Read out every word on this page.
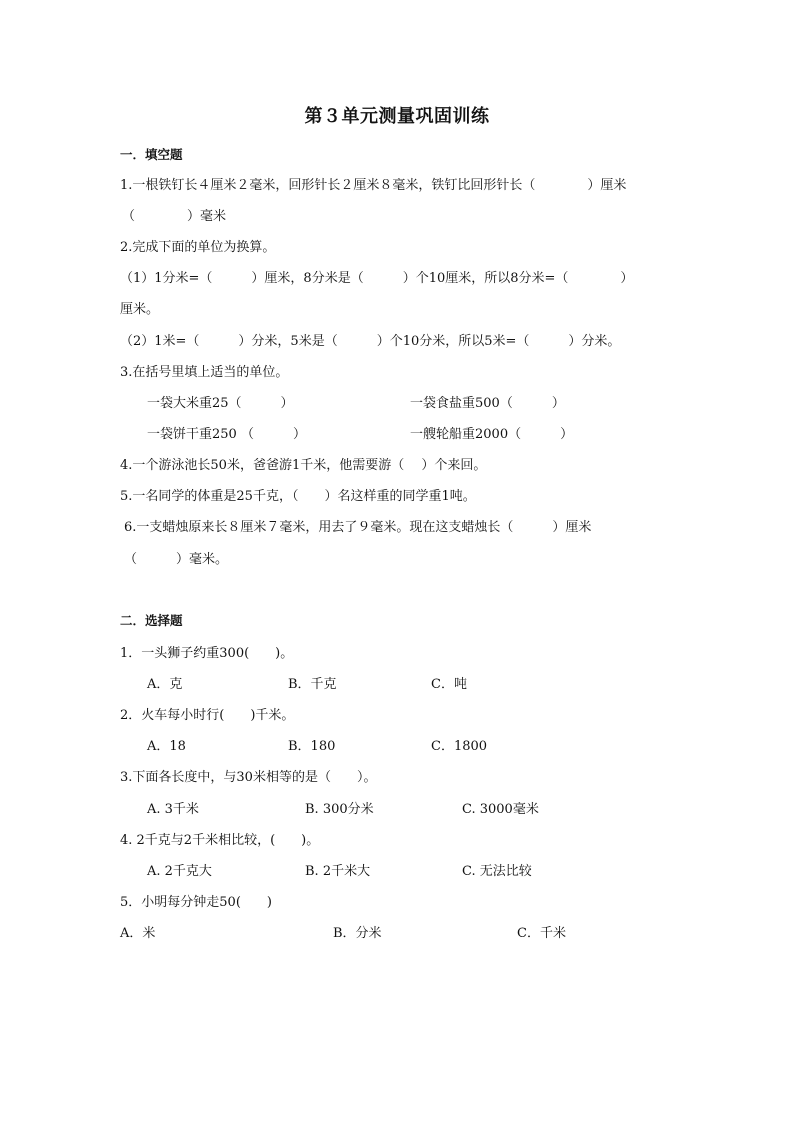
第３单元测量巩固训练
一．填空题
1.一根铁钉长４厘米２毫米，回形针长２厘米８毫米，铁钉比回形针长（　　　　）厘米
（　　　　）毫米
2.完成下面的单位为换算。
（1）1分米=（　　　）厘米，8分米是（　　　）个10厘米，所以8分米=（　　　　）
厘米。
（2）1米=（　　　）分米，5米是（　　　）个10分米，所以5米=（　　　）分米。
3.在括号里填上适当的单位。
一袋大米重25（　　　）	一袋食盐重500（　　　）
一袋饼干重250 （　　　）	一艘轮船重2000（　　　）
4.一个游泳池长50米，爸爸游1千米，他需要游（　 ）个来回。
5.一名同学的体重是25千克，（　　）名这样重的同学重1吨。
6.一支蜡烛原来长８厘米７毫米，用去了９毫米。现在这支蜡烛长（　　　）厘米
（　　　）毫米。
二．选择题
1．一头狮子约重300(　　)。
A．克	B．千克	C．吨
2．火车每小时行(　　)千米。
A．18	B．180	C．1800
3.下面各长度中，与30米相等的是（　　）。
A. 3千米	B. 300分米	C. 3000毫米
4. 2千克与2千米相比较，(　　)。
A. 2千克大	B. 2千米大	C. 无法比较
5．小明每分钟走50(　　)
A．米	B．分米	C．千米
